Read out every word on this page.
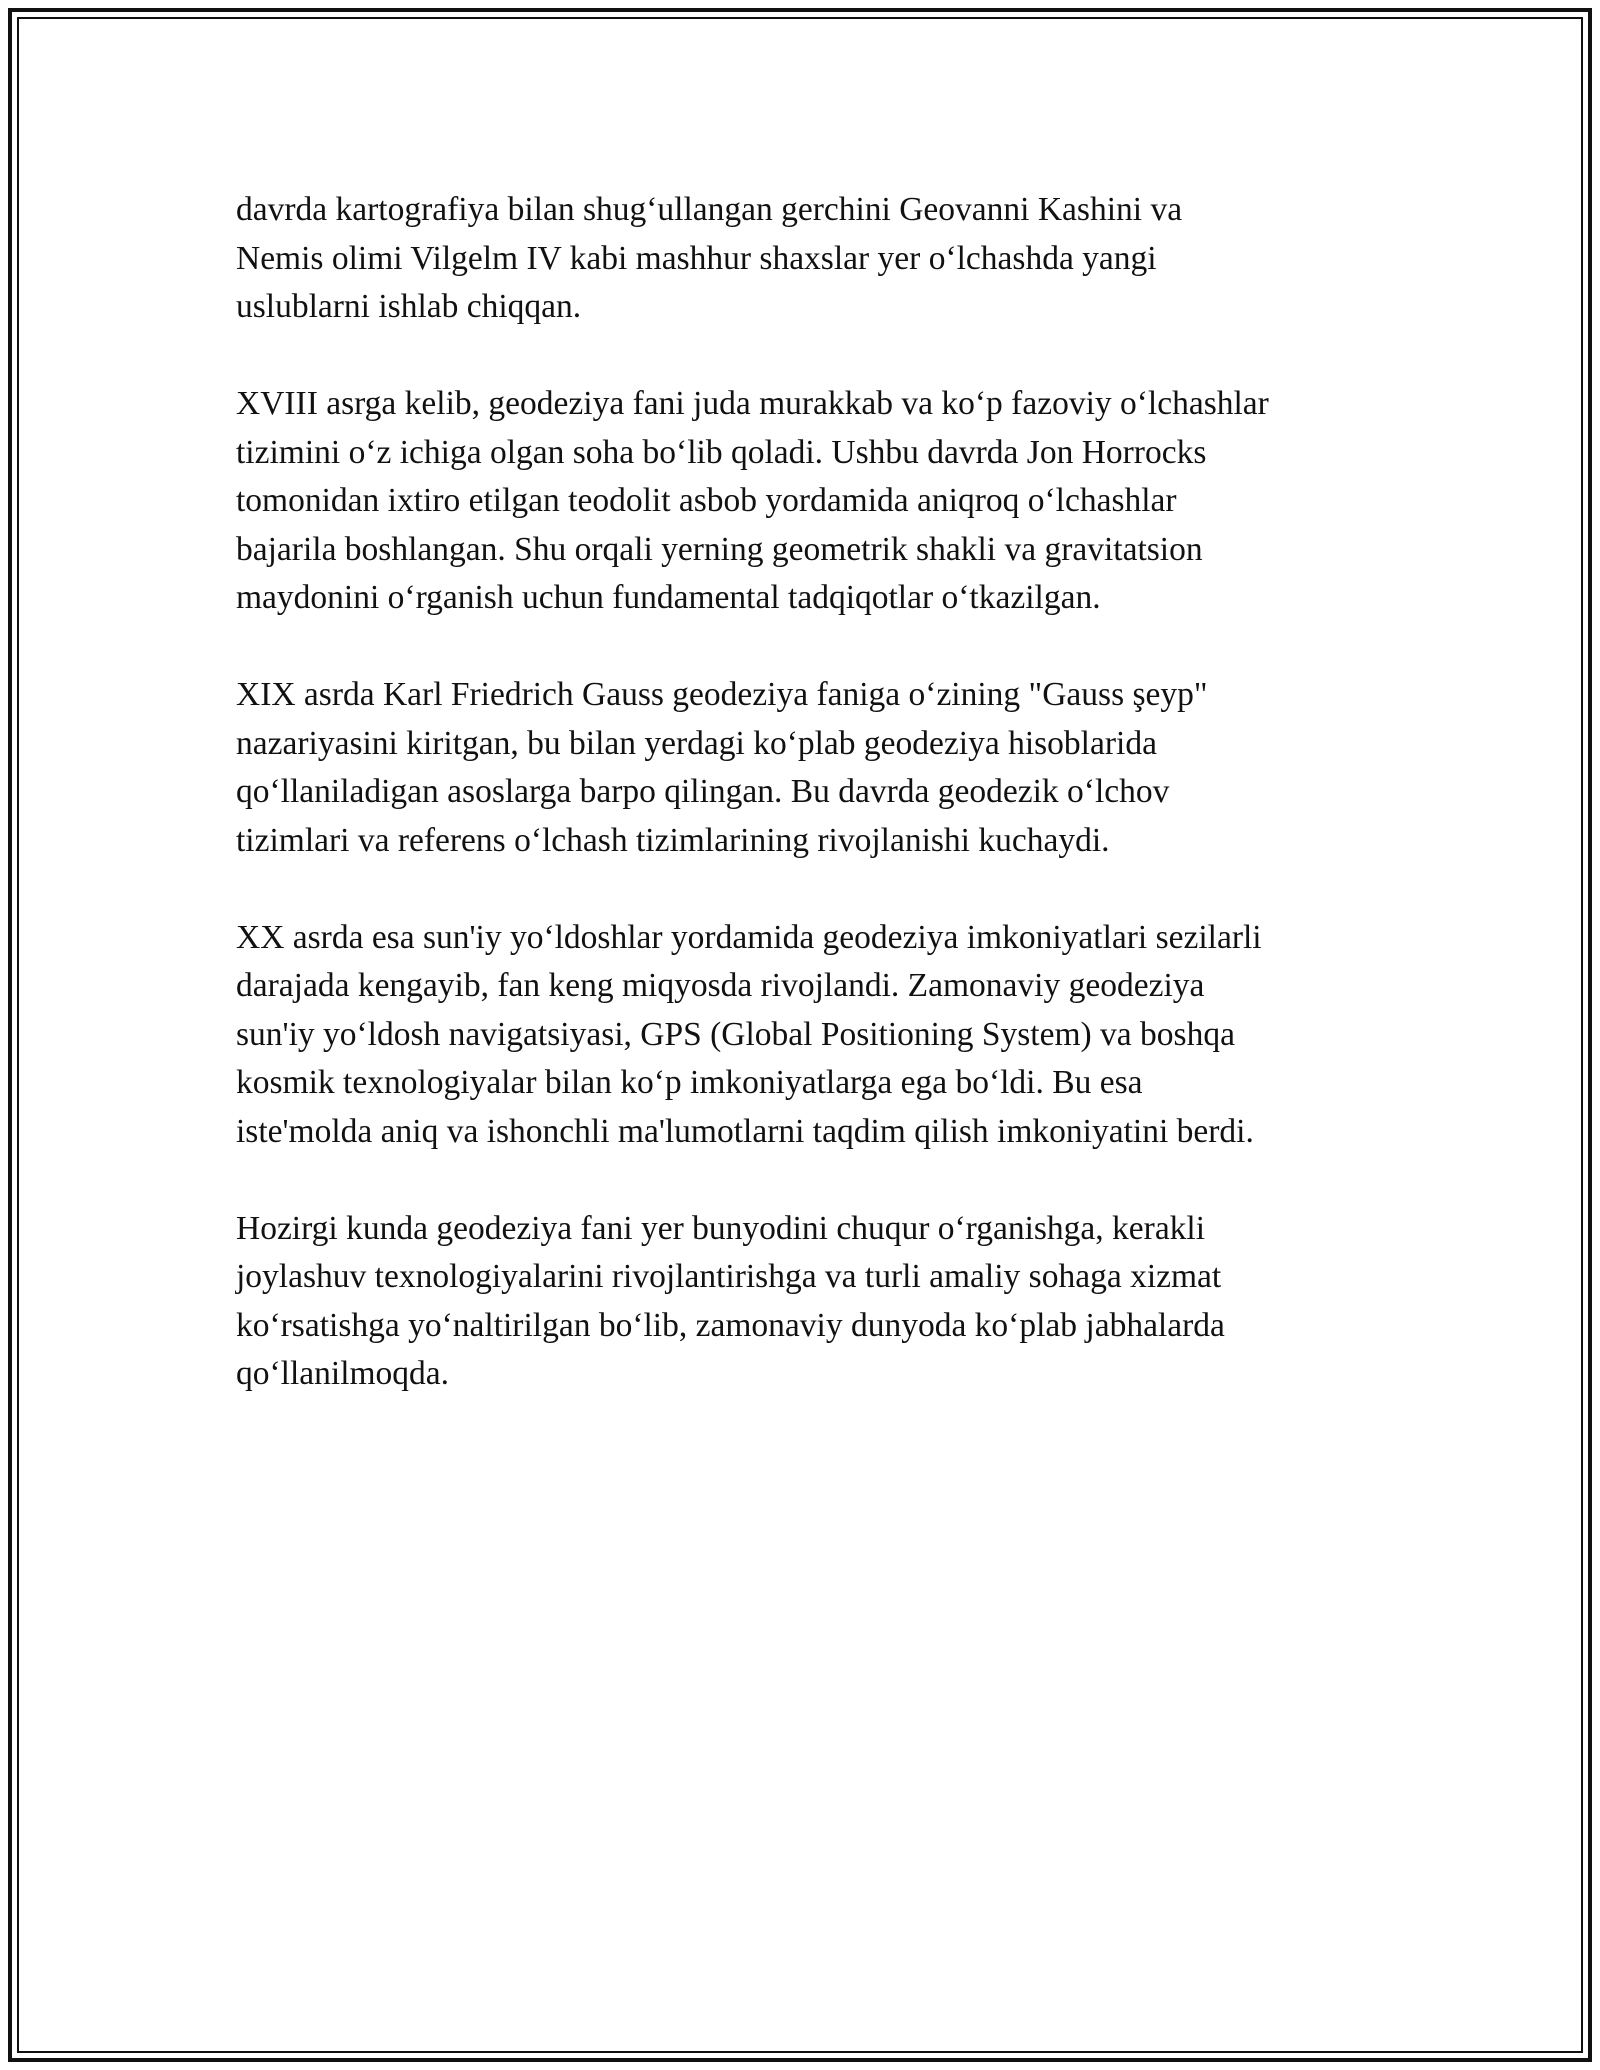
davrda kartografiya bilan shug‘ullangan gerchini Geovanni Kashini va
Nemis olimi Vilgelm IV kabi mashhur shaxslar yer o‘lchashda yangi
uslublarni ishlab chiqqan.

XVIII asrga kelib, geodeziya fani juda murakkab va ko‘p fazoviy o‘lchashlar
tizimini o‘z ichiga olgan soha bo‘lib qoladi. Ushbu davrda Jon Horrocks
tomonidan ixtiro etilgan teodolit asbob yordamida aniqroq o‘lchashlar
bajarila boshlangan. Shu orqali yerning geometrik shakli va gravitatsion
maydonini o‘rganish uchun fundamental tadqiqotlar o‘tkazilgan.

XIX asrda Karl Friedrich Gauss geodeziya faniga o‘zining "Gauss şeyp"
nazariyasini kiritgan, bu bilan yerdagi ko‘plab geodeziya hisoblarida
qo‘llaniladigan asoslarga barpo qilingan. Bu davrda geodezik o‘lchov
tizimlari va referens o‘lchash tizimlarining rivojlanishi kuchaydi.

XX asrda esa sun'iy yo‘ldoshlar yordamida geodeziya imkoniyatlari sezilarli
darajada kengayib, fan keng miqyosda rivojlandi. Zamonaviy geodeziya
sun'iy yo‘ldosh navigatsiyasi, GPS (Global Positioning System) va boshqa
kosmik texnologiyalar bilan ko‘p imkoniyatlarga ega bo‘ldi. Bu esa
iste'molda aniq va ishonchli ma'lumotlarni taqdim qilish imkoniyatini berdi.

Hozirgi kunda geodeziya fani yer bunyodini chuqur o‘rganishga, kerakli
joylashuv texnologiyalarini rivojlantirishga va turli amaliy sohaga xizmat
ko‘rsatishga yo‘naltirilgan bo‘lib, zamonaviy dunyoda ko‘plab jabhalarda
qo‘llanilmoqda.
